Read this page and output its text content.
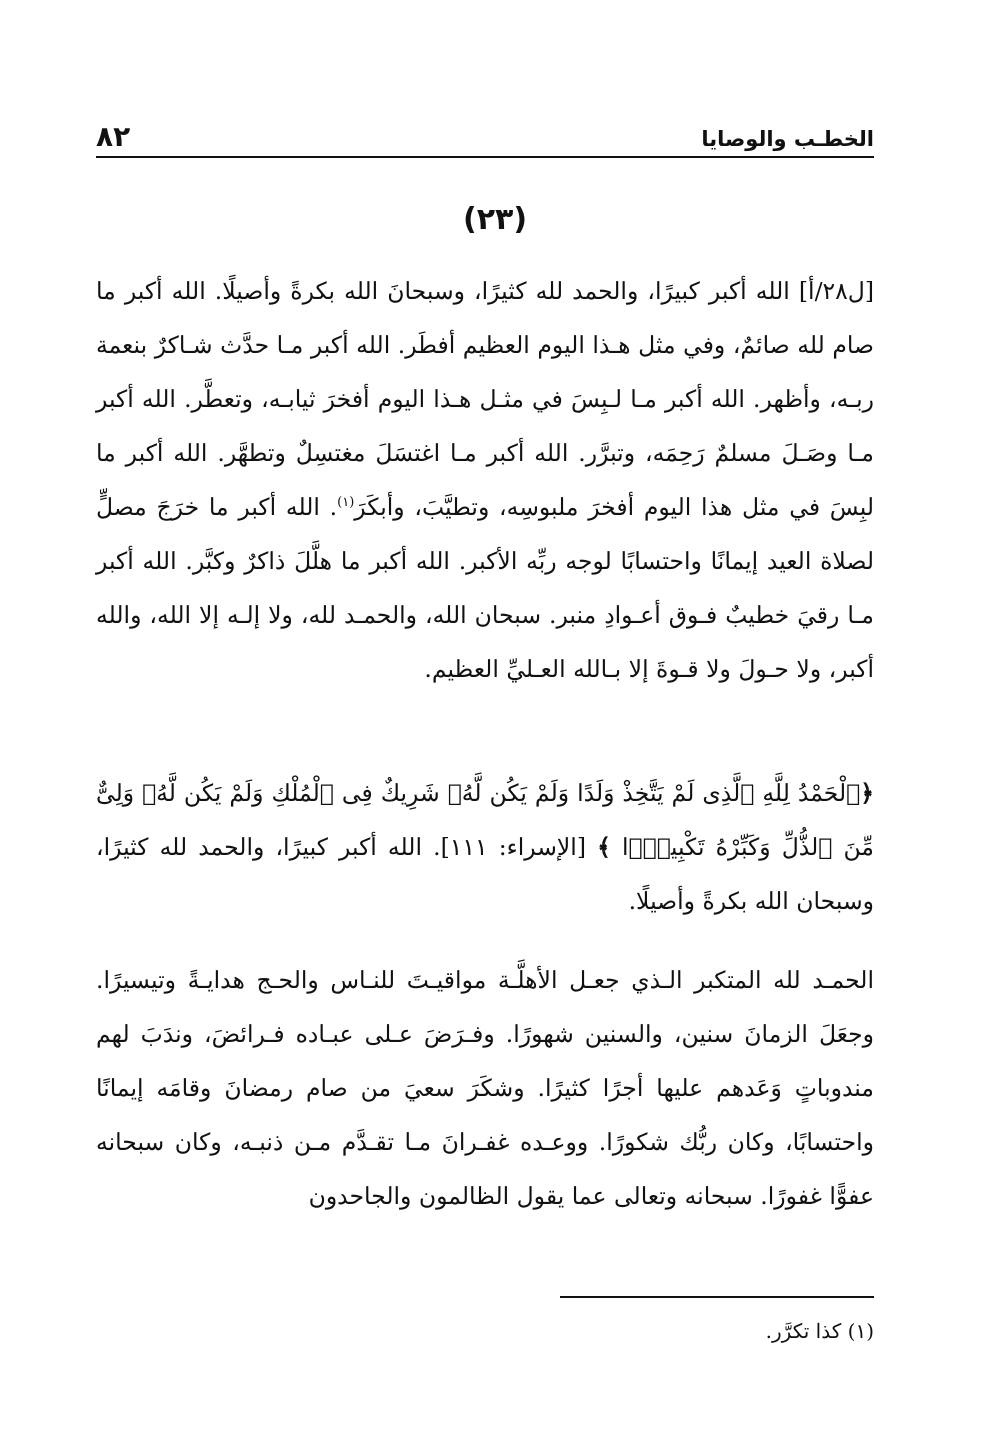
٨٢	الخطـب والوصايا
(٢٣)

[ل٢٨/أ] الله أكبر كبيرًا، والحمد لله كثيرًا، وسبحانَ الله بكرةً وأصيلًا. الله أكبر ما صام لله صائمٌ، وفي مثل هـذا اليوم العظيم أفطَر. الله أكبر مـا حدَّث شـاكرٌ بنعمة ربـه، وأظهر. الله أكبر مـا لـبِسَ في مثـل هـذا اليوم أفخرَ ثيابـه، وتعطَّر. الله أكبر مـا وصَـلَ مسلمٌ رَحِمَه، وتبرَّر. الله أكبر مـا اغتسَلَ مغتسِلٌ وتطهَّر. الله أكبر ما لبِسَ في مثل هذا اليوم أفخرَ ملبوسِه، وتطيَّبَ، وأبكَرَ$^{(١)}$. الله أكبر ما خرَجَ مصلٍّ لصلاة العيد إيمانًا واحتسابًا لوجه ربِّه الأكبر. الله أكبر ما هلَّلَ ذاكرٌ وكبَّر. الله أكبر مـا رقيَ خطيبٌ فـوق أعـوادِ منبر. سبحان الله، والحمـد لله، ولا إلـه إلا الله، والله أكبر، ولا حـولَ ولا قـوةَ إلا بـالله العـليِّ العظيم.

﴿ٱلْحَمْدُ لِلَّهِ ٱلَّذِى لَمْ يَتَّخِذْ وَلَدًا وَلَمْ يَكُن لَّهُۥ شَرِيكٌ فِى ٱلْمُلْكِ وَلَمْ يَكُن لَّهُۥ وَلِىٌّ مِّنَ ٱلذُّلِّ وَكَبِّرْهُ تَكْبِيرًۢا ﴾ [الإسراء: ١١١]. الله أكبر كبيرًا، والحمد لله كثيرًا، وسبحان الله بكرةً وأصيلًا.

الحمـد لله المتكبر الـذي جعـل الأهلَّـة مواقيـتَ للنـاس والحـج هدايـةً وتيسيرًا. وجعَلَ الزمانَ سنين، والسنين شهورًا. وفـرَضَ عـلى عبـاده فـرائضَ، وندَبَ لهم مندوباتٍ وَعَدهم عليها أجرًا كثيرًا. وشكَرَ سعيَ من صام رمضانَ وقامَه إيمانًا واحتسابًا، وكان ربُّك شكورًا. ووعـده غفـرانَ مـا تقـدَّم مـن ذنبـه، وكان سبحانه عفوًّا غفورًا. سبحانه وتعالى عما يقول الظالمون والجاحدون

(١) كذا تكرَّر.
